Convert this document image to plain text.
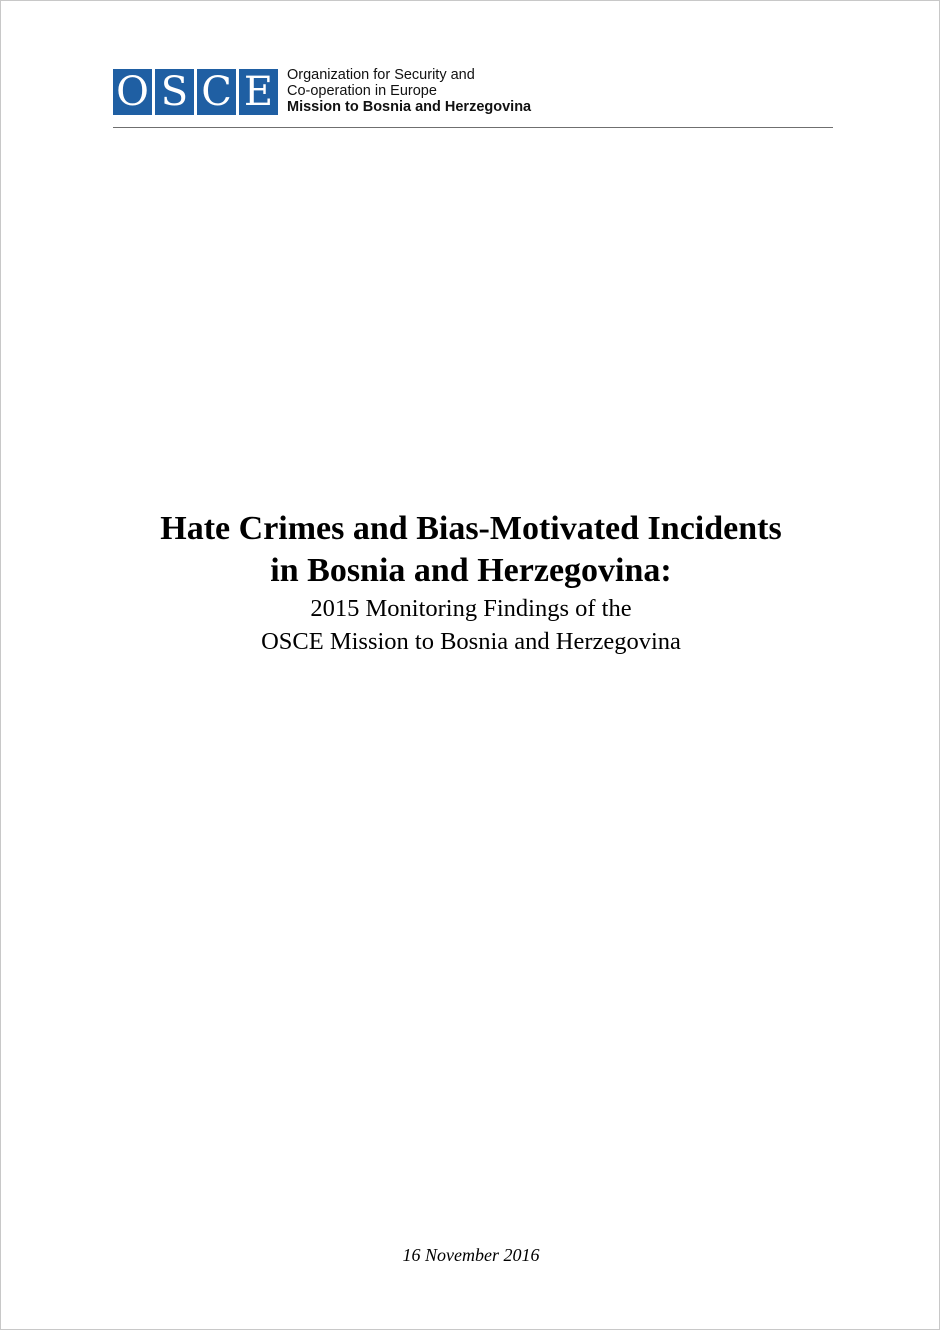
O S C E Organization for Security and
Co-operation in Europe
Mission to Bosnia and Herzegovina
Hate Crimes and Bias-Motivated Incidents
in Bosnia and Herzegovina:
2015 Monitoring Findings of the
OSCE Mission to Bosnia and Herzegovina
16 November 2016
